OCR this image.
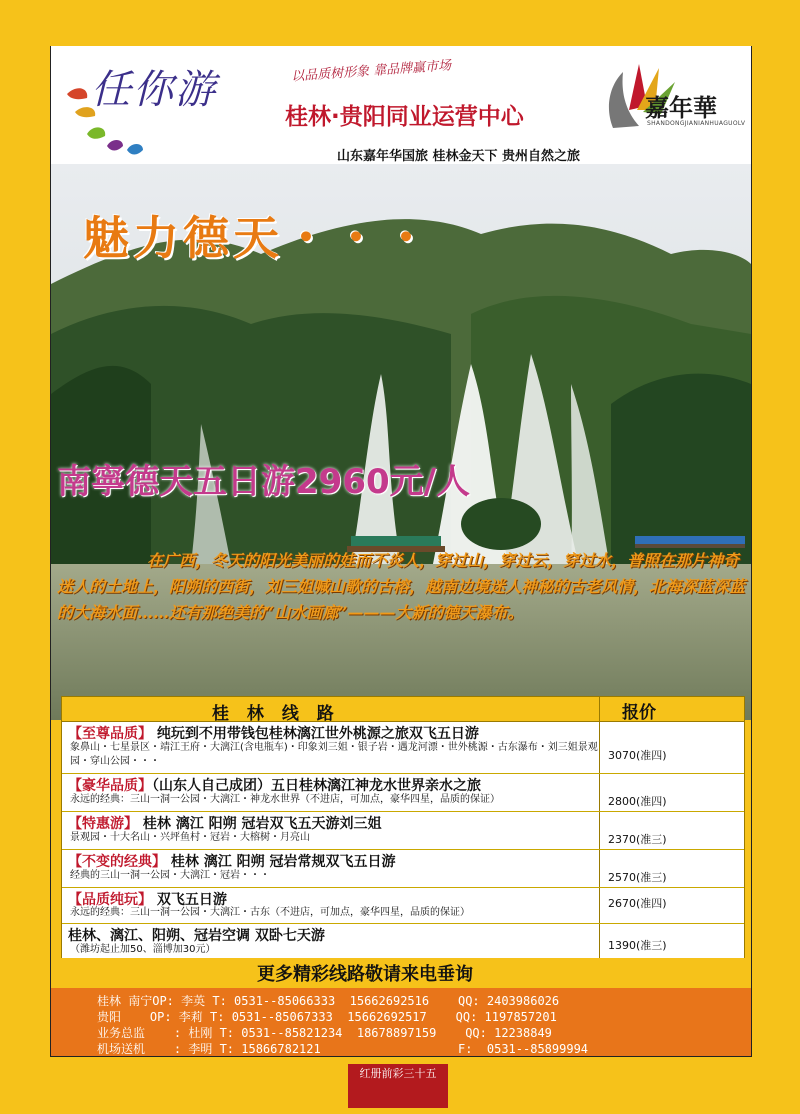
任你游	以品质树形象 靠品牌赢市场
桂林·贵阳同业运营中心	嘉年華
SHANDONGJIANIANHUAGUOLV
山东嘉年华国旅 桂林金天下 贵州自然之旅
魅力德天・・・
南寧德天五日游2960元/人
在广西，冬天的阳光美丽的娃而不炎人，穿过山，穿过云，穿过水，普照在那片神奇迷人的土地上，阳朔的西街，刘三姐喊山歌的古榕，越南边境迷人神秘的古老风情，北海深蓝深蓝的大海水面……还有那绝美的“山水画廊”———大新的德天瀑布。
桂 林 线 路	报价
【至尊品质】 纯玩到不用带钱包桂林漓江世外桃源之旅双飞五日游
象鼻山・七星景区・靖江王府・大漓江(含电瓶车)・印象刘三姐・银子岩・遇龙河漂・世外桃源・古东瀑布・刘三姐景观园・穿山公园・・・	3070(准四)
【豪华品质】（山东人自己成团）五日桂林漓江神龙水世界亲水之旅
永远的经典：三山一洞一公园・大漓江・神龙水世界（不进店，可加点，豪华四星，品质的保证）	2800(准四)
【特惠游】 桂林 漓江 阳朔 冠岩双飞五天游刘三姐
景观园・十大名山・兴坪鱼村・冠岩・大榕树・月亮山	2370(准三)
【不变的经典】 桂林 漓江 阳朔 冠岩常规双飞五日游
经典的三山一洞一公园・大漓江・冠岩・・・	2570(准三)
【品质纯玩】 双飞五日游
永远的经典：三山一洞一公园・大漓江・古东（不进店，可加点，豪华四星，品质的保证）
2670(准四)
桂林、漓江、阳朔、冠岩空调 双卧七天游
（潍坊起止加50、淄博加30元）	1390(准三)
更多精彩线路敬请来电垂询
桂林 南宁OP: 李英 T: 0531--85066333  15662692516    QQ: 2403986026
贵阳    OP: 李莉 T: 0531--85067333  15662692517    QQ: 1197857201
业务总监    : 杜刚 T: 0531--85821234  18678897159    QQ: 12238849
机场送机    : 李明 T: 15866782121                   F:  0531--85899994
红册前彩三十五
